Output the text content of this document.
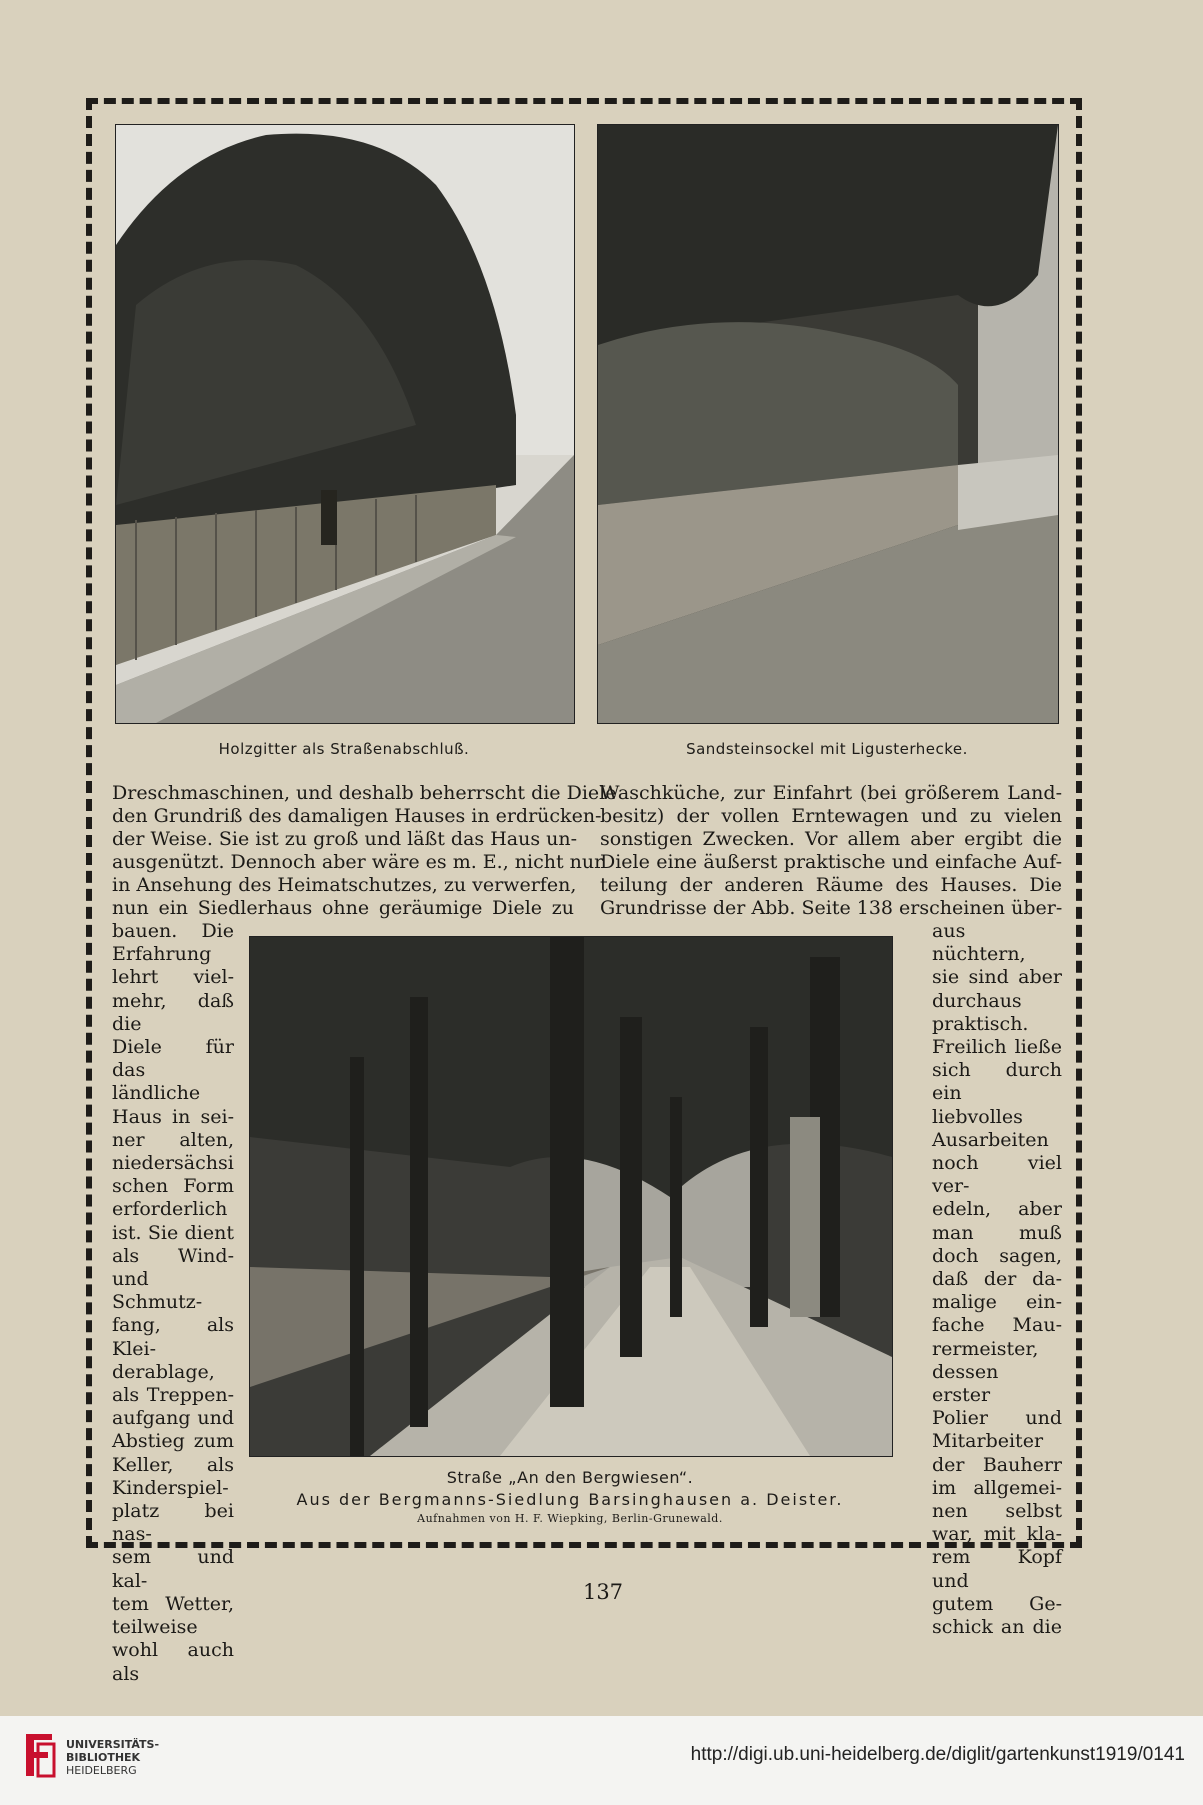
Holzgitter als Straßenabschluß.	Sandsteinsockel mit Ligusterhecke.
Dreschmaschinen, und deshalb beherrscht die Diele
den Grundriß des damaligen Hauses in erdrücken-
der Weise. Sie ist zu groß und läßt das Haus un-
ausgenützt. Dennoch aber wäre es m. E., nicht nur
in Ansehung des Heimatschutzes, zu verwerfen,
nun ein Siedlerhaus ohne geräumige Diele zu
Waschküche, zur Einfahrt (bei größerem Land-
besitz) der vollen Erntewagen und zu vielen
sonstigen Zwecken. Vor allem aber ergibt die
Diele eine äußerst praktische und einfache Auf-
teilung der anderen Räume des Hauses. Die
Grundrisse der Abb. Seite 138 erscheinen über-
Straße „An den Bergwiesen“.
Aus der Bergmanns-Siedlung Barsinghausen a. Deister.
Aufnahmen von H. F. Wiepking, Berlin-Grunewald.
bauen. Die
Erfahrung
lehrt viel-
mehr, daß die
Diele für das
ländliche
Haus in sei-
ner alten,
niedersächsi
schen Form
erforderlich
ist. Sie dient
als Wind-
und Schmutz-
fang, als Klei-
derablage,
als Treppen-
aufgang und
Abstieg zum
Keller, als
Kinderspiel-
platz bei nas-
sem und kal-
tem Wetter,
teilweise
wohl auch als
aus nüchtern,
sie sind aber
durchaus
praktisch.
Freilich ließe
sich durch ein
liebvolles
Ausarbeiten
noch viel ver-
edeln, aber
man muß
doch sagen,
daß der da-
malige ein-
fache Mau-
rermeister,
dessen erster
Polier und
Mitarbeiter
der Bauherr
im allgemei-
nen selbst
war, mit kla-
rem Kopf und
gutem Ge-
schick an die
137
UNIVERSITÄTS-
BIBLIOTHEK
HEIDELBERG
http://digi.ub.uni-heidelberg.de/diglit/gartenkunst1919/0141
